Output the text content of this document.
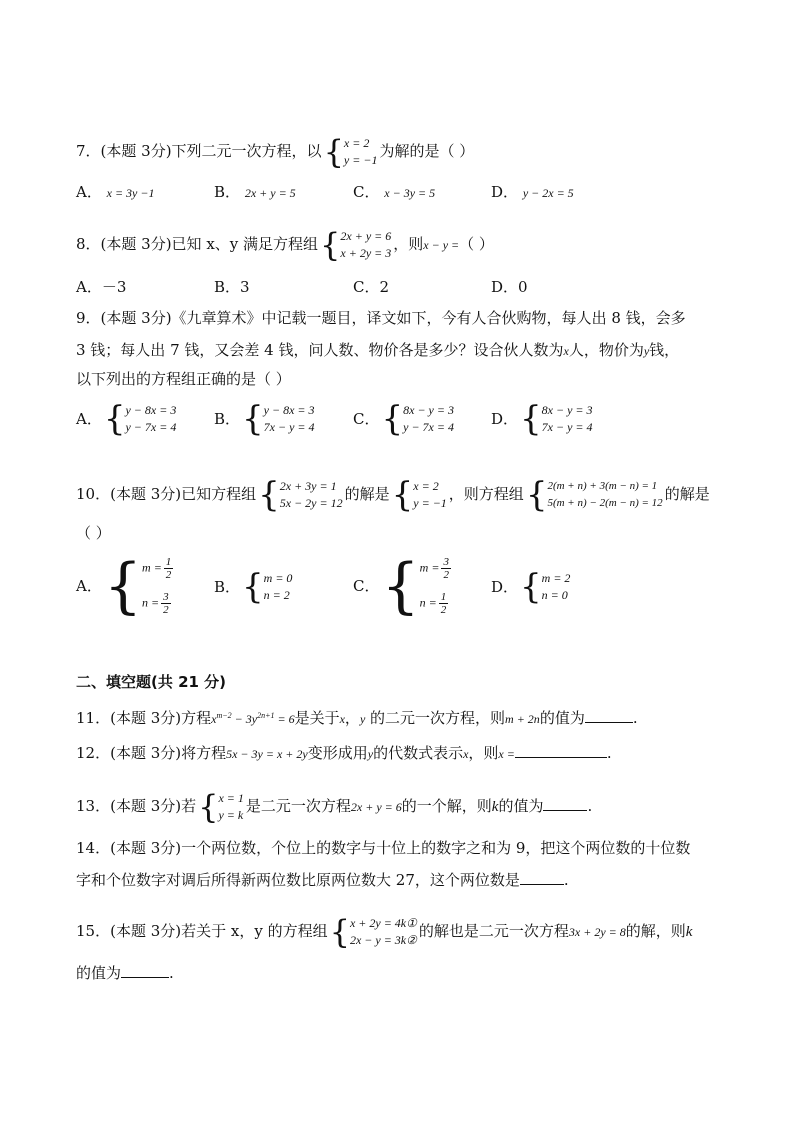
7．(本题 3分)下列二元一次方程，以 { x = 2
y = −1 为解的是（ ）
A． x = 3y −1	B． 2x + y = 5	C． x − 3y = 5	D． y − 2x = 5
8．(本题 3分)已知 x、y 满足方程组 { 2x + y = 6
x + 2y = 3 ，则x − y =（ ）
A．－3	B．3	C．2	D．0
9．(本题 3分)《九章算术》中记载一题目，译文如下，今有人合伙购物，每人出 8 钱，会多
3 钱；每人出 7 钱，又会差 4 钱，问人数、物价各是多少？设合伙人数为x人，物价为y钱，
以下列出的方程组正确的是（ ）
A． { y − 8x = 3
y − 7x = 4	B． { y − 8x = 3
7x − y = 4	C． { 8x − y = 3
y − 7x = 4 D． { 8x − y = 3
7x − y = 4
10．(本题 3分)已知方程组 { 2x + 3y = 1
5x − 2y = 12 的解是 { x = 2
y = −1 ，则方程组 { 2(m + n) + 3(m − n) = 1
5(m + n) − 2(m − n) = 12 的解是
（ ）
A． { $m = \frac{1}{2}$
$n = \frac{3}{2}$
B． { m = 0
n = 2	C． { $m = \frac{3}{2}$
$n = \frac{1}{2}$
D． { m = 2
n = 0
二、填空题(共 21 分)
11．(本题 3分)方程$x^{m-2} - 3y^{2n+1} = 6$是关于x，y 的二元一次方程，则m + 2n的值为	.
12．(本题 3分)将方程5x − 3y = x + 2y变形成用y的代数式表示x，则x =	.
13．(本题 3分)若 { x = 1
y = k 是二元一次方程2x + y = 6的一个解，则k的值为	.
14．(本题 3分)一个两位数，个位上的数字与十位上的数字之和为 9，把这个两位数的十位数
字和个位数字对调后所得新两位数比原两位数大 27，这个两位数是	.
15．(本题 3分)若关于 x，y 的方程组 { x + 2y = 4k①
2x − y = 3k② 的解也是二元一次方程3x + 2y = 8的解，则k
的值为	.
